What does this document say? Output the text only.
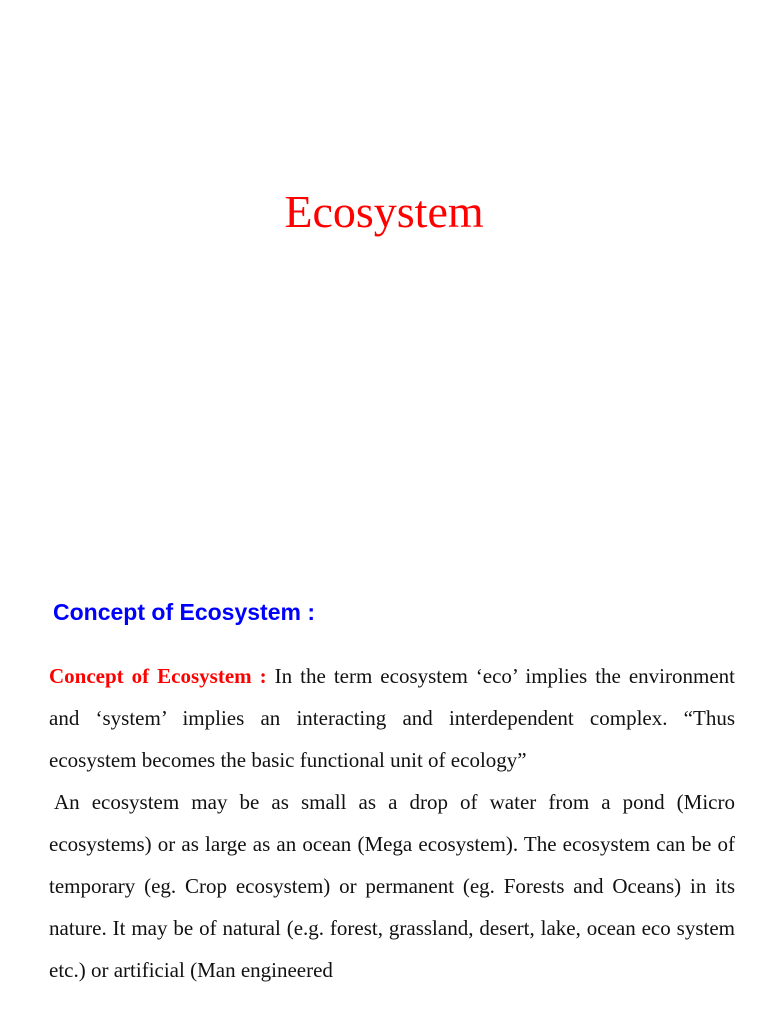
Ecosystem
Concept of Ecosystem :

Concept of Ecosystem : In the term ecosystem ‘eco’ implies the environment and ‘system’ implies an interacting and interdependent complex. “Thus ecosystem becomes the basic functional unit of ecology”

An ecosystem may be as small as a drop of water from a pond (Micro ecosystems) or as large as an ocean (Mega ecosystem). The ecosystem can be of temporary (eg. Crop ecosystem) or permanent (eg. Forests and Oceans) in its nature. It may be of natural (e.g. forest, grassland, desert, lake, ocean eco system etc.) or artificial (Man engineered
